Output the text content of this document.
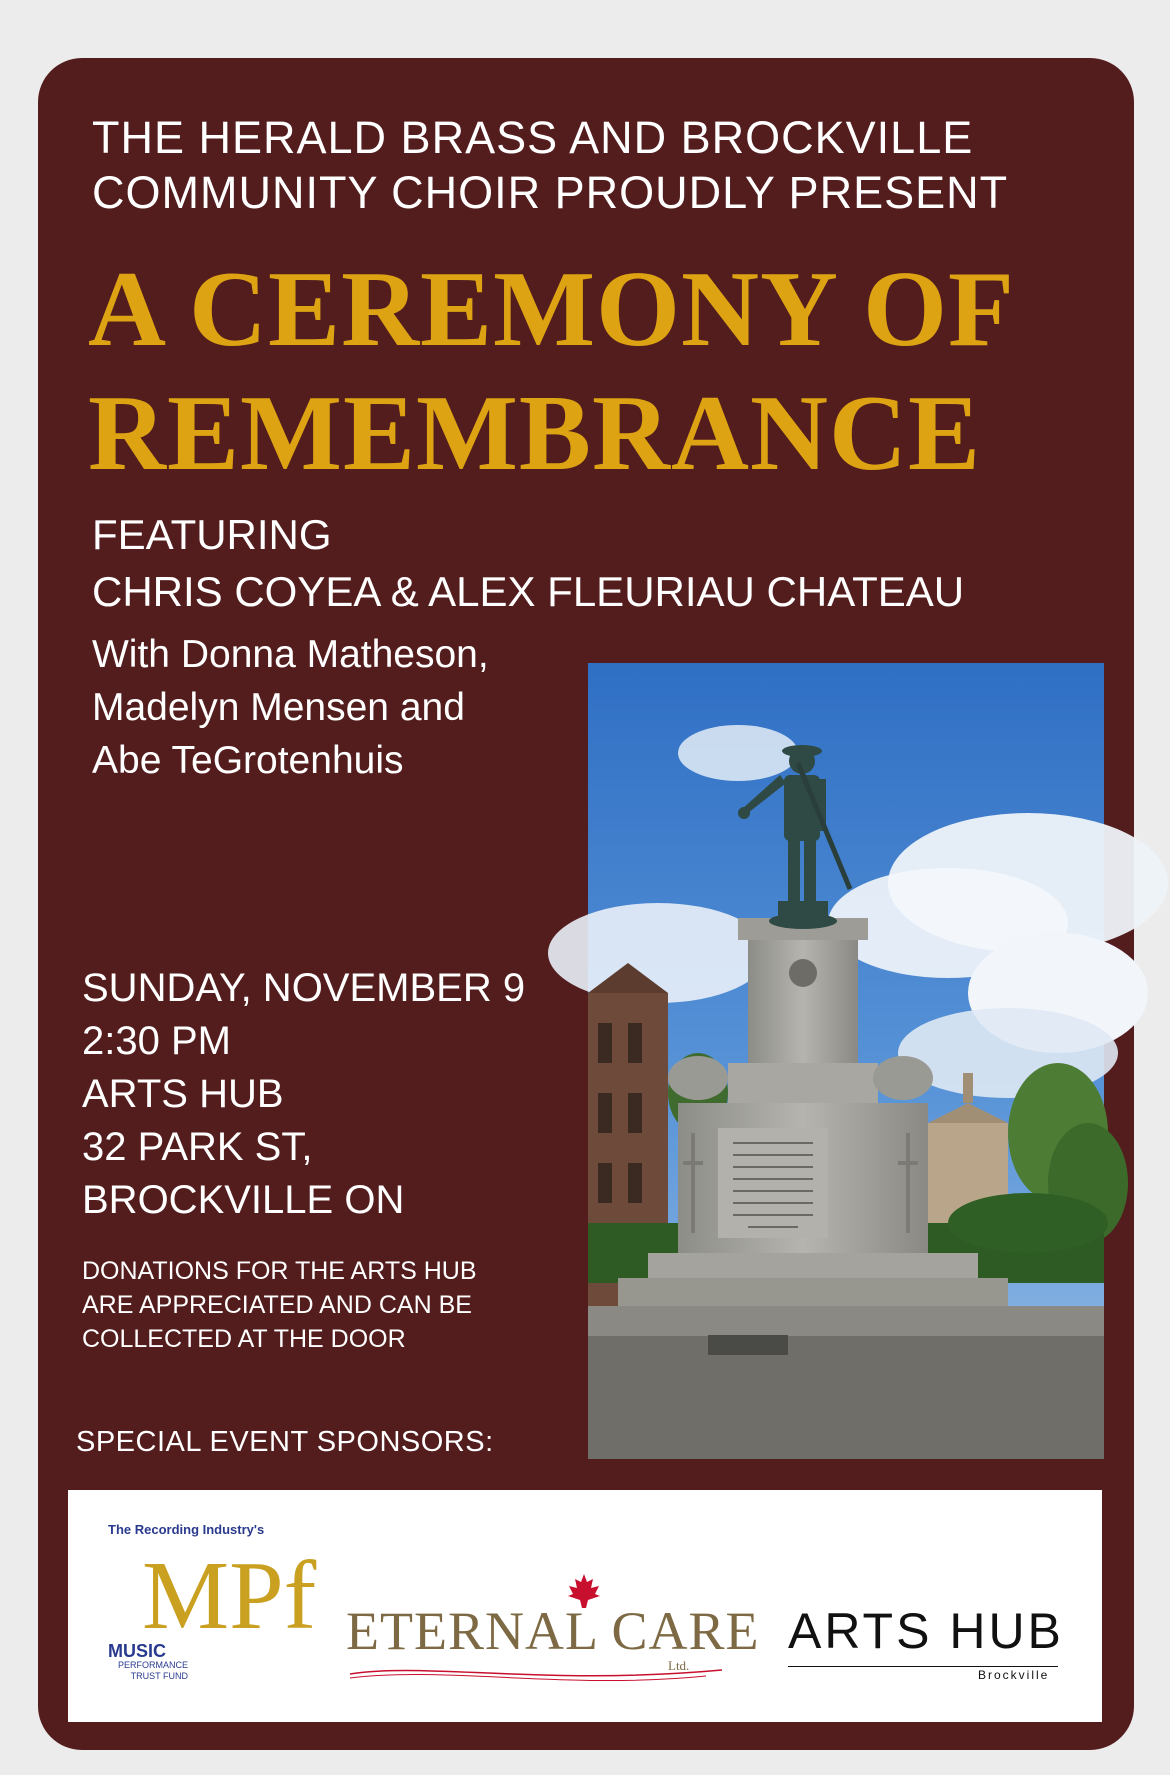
THE HERALD BRASS AND BROCKVILLE
COMMUNITY CHOIR PROUDLY PRESENT
A CEREMONY OF
REMEMBRANCE
FEATURING
CHRIS COYEA & ALEX FLEURIAU CHATEAU
With Donna Matheson,
Madelyn Mensen and
Abe TeGrotenhuis
SUNDAY, NOVEMBER 9
2:30 PM
ARTS HUB
32 PARK ST,
BROCKVILLE ON
DONATIONS FOR THE ARTS HUB
ARE APPRECIATED AND CAN BE
COLLECTED AT THE DOOR
SPECIAL EVENT SPONSORS:
The Recording Industry's
MPf
MUSIC
PERFORMANCE
TRUST FUND
ETERNAL CARE
Ltd.
ARTS HUB
Brockville
